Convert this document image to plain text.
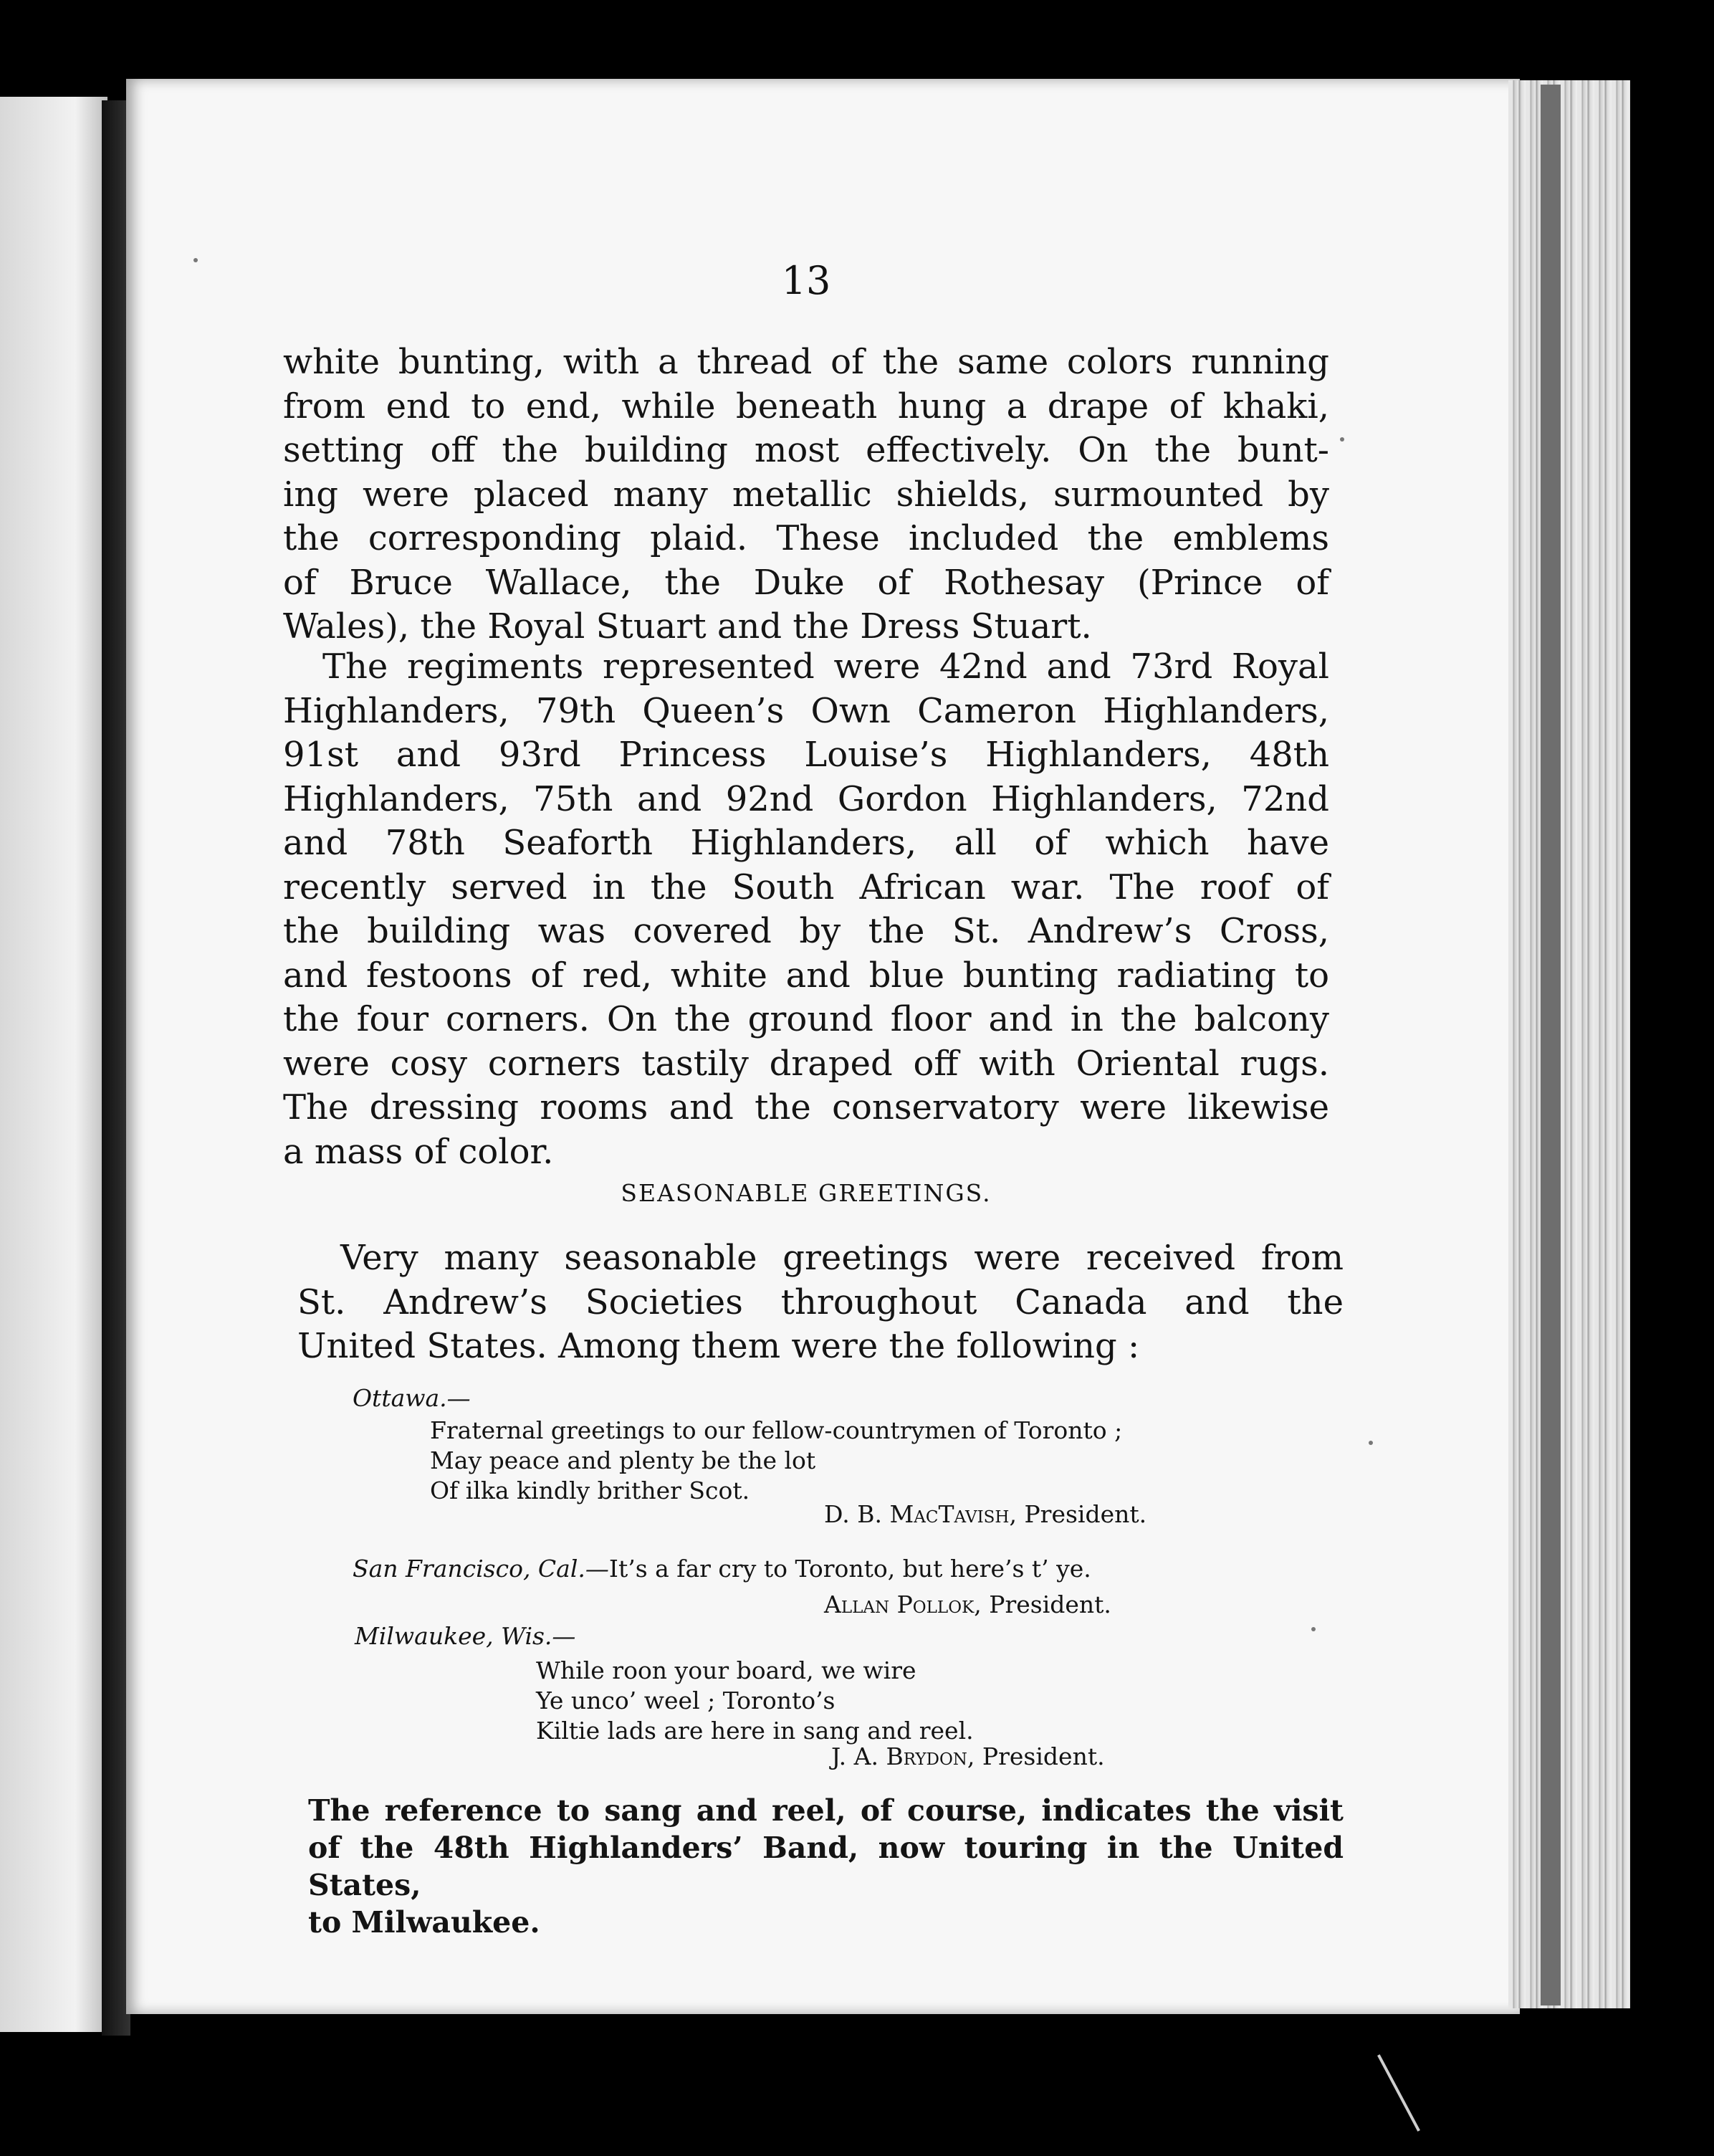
13
white bunting, with a thread of the same colors running
from end to end, while beneath hung a drape of khaki,
setting off the building most effectively. On the bunt-
ing were placed many metallic shields, surmounted by
the corresponding plaid. These included the emblems
of Bruce Wallace, the Duke of Rothesay (Prince of
Wales), the Royal Stuart and the Dress Stuart.
The regiments represented were 42nd and 73rd Royal
Highlanders, 79th Queen’s Own Cameron Highlanders,
91st and 93rd Princess Louise’s Highlanders, 48th
Highlanders, 75th and 92nd Gordon Highlanders, 72nd
and 78th Seaforth Highlanders, all of which have
recently served in the South African war. The roof of
the building was covered by the St. Andrew’s Cross,
and festoons of red, white and blue bunting radiating to
the four corners. On the ground floor and in the balcony
were cosy corners tastily draped off with Oriental rugs.
The dressing rooms and the conservatory were likewise
a mass of color.
SEASONABLE GREETINGS.
Very many seasonable greetings were received from
St. Andrew’s Societies throughout Canada and the
United States. Among them were the following :
Ottawa.—
Fraternal greetings to our fellow-countrymen of Toronto ;
May peace and plenty be the lot
Of ilka kindly brither Scot.
D. B. MacTavish, President.
San Francisco, Cal.—It’s a far cry to Toronto, but here’s t’ ye.
Allan Pollok, President.
Milwaukee, Wis.—
While roon your board, we wire
Ye unco’ weel ; Toronto’s
Kiltie lads are here in sang and reel.
J. A. Brydon, President.
The reference to sang and reel, of course, indicates the visit
of the 48th Highlanders’ Band, now touring in the United States,
to Milwaukee.
